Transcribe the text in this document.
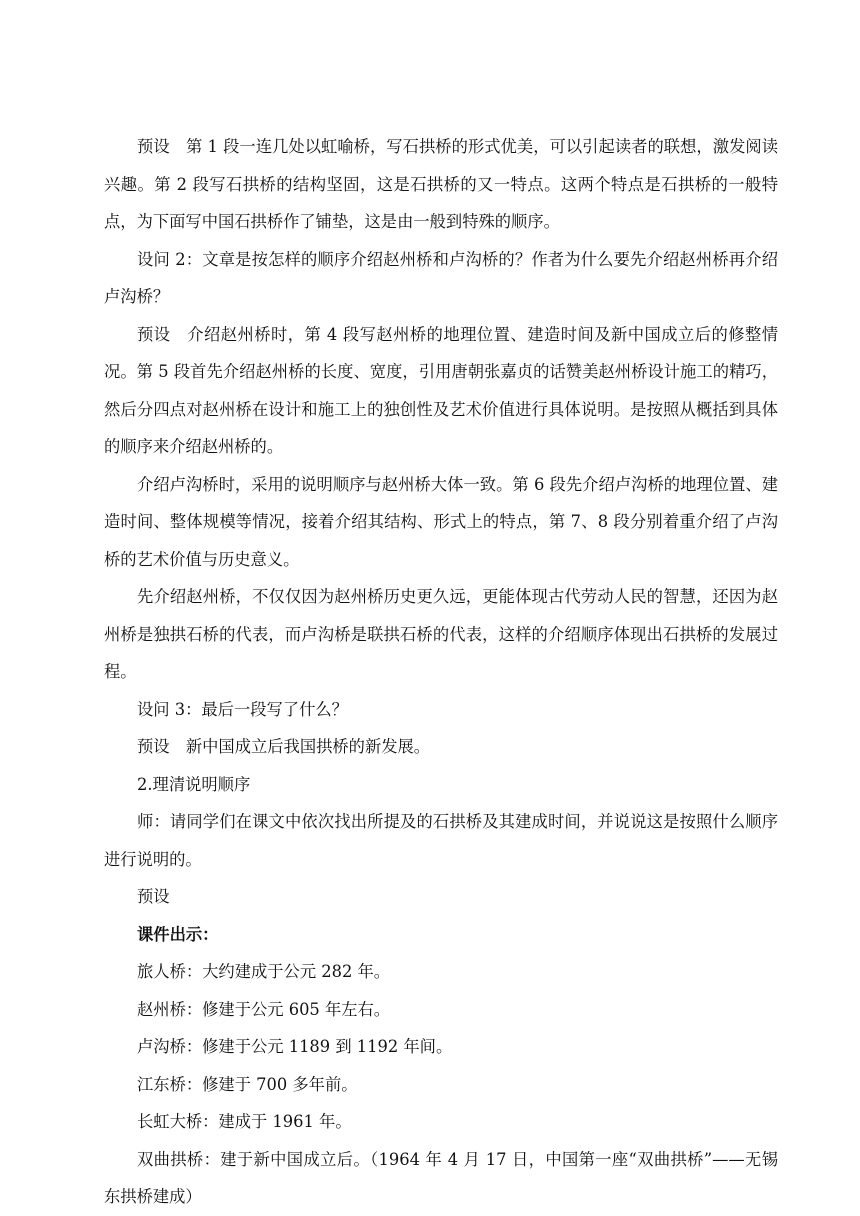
预设　第 1 段一连几处以虹喻桥，写石拱桥的形式优美，可以引起读者的联想，激发阅读兴趣。第 2 段写石拱桥的结构坚固，这是石拱桥的又一特点。这两个特点是石拱桥的一般特点，为下面写中国石拱桥作了铺垫，这是由一般到特殊的顺序。

设问 2：文章是按怎样的顺序介绍赵州桥和卢沟桥的？作者为什么要先介绍赵州桥再介绍卢沟桥？

预设　介绍赵州桥时，第 4 段写赵州桥的地理位置、建造时间及新中国成立后的修整情况。第 5 段首先介绍赵州桥的长度、宽度，引用唐朝张嘉贞的话赞美赵州桥设计施工的精巧，然后分四点对赵州桥在设计和施工上的独创性及艺术价值进行具体说明。是按照从概括到具体的顺序来介绍赵州桥的。

介绍卢沟桥时，采用的说明顺序与赵州桥大体一致。第 6 段先介绍卢沟桥的地理位置、建造时间、整体规模等情况，接着介绍其结构、形式上的特点，第 7、8 段分别着重介绍了卢沟桥的艺术价值与历史意义。

先介绍赵州桥，不仅仅因为赵州桥历史更久远，更能体现古代劳动人民的智慧，还因为赵州桥是独拱石桥的代表，而卢沟桥是联拱石桥的代表，这样的介绍顺序体现出石拱桥的发展过程。

设问 3：最后一段写了什么？

预设　新中国成立后我国拱桥的新发展。

2.理清说明顺序

师：请同学们在课文中依次找出所提及的石拱桥及其建成时间，并说说这是按照什么顺序进行说明的。

预设

课件出示：

旅人桥：大约建成于公元 282 年。

赵州桥：修建于公元 605 年左右。

卢沟桥：修建于公元 1189 到 1192 年间。

江东桥：修建于 700 多年前。

长虹大桥：建成于 1961 年。

双曲拱桥：建于新中国成立后。（1964 年 4 月 17 日，中国第一座“双曲拱桥”——无锡东拱桥建成）
